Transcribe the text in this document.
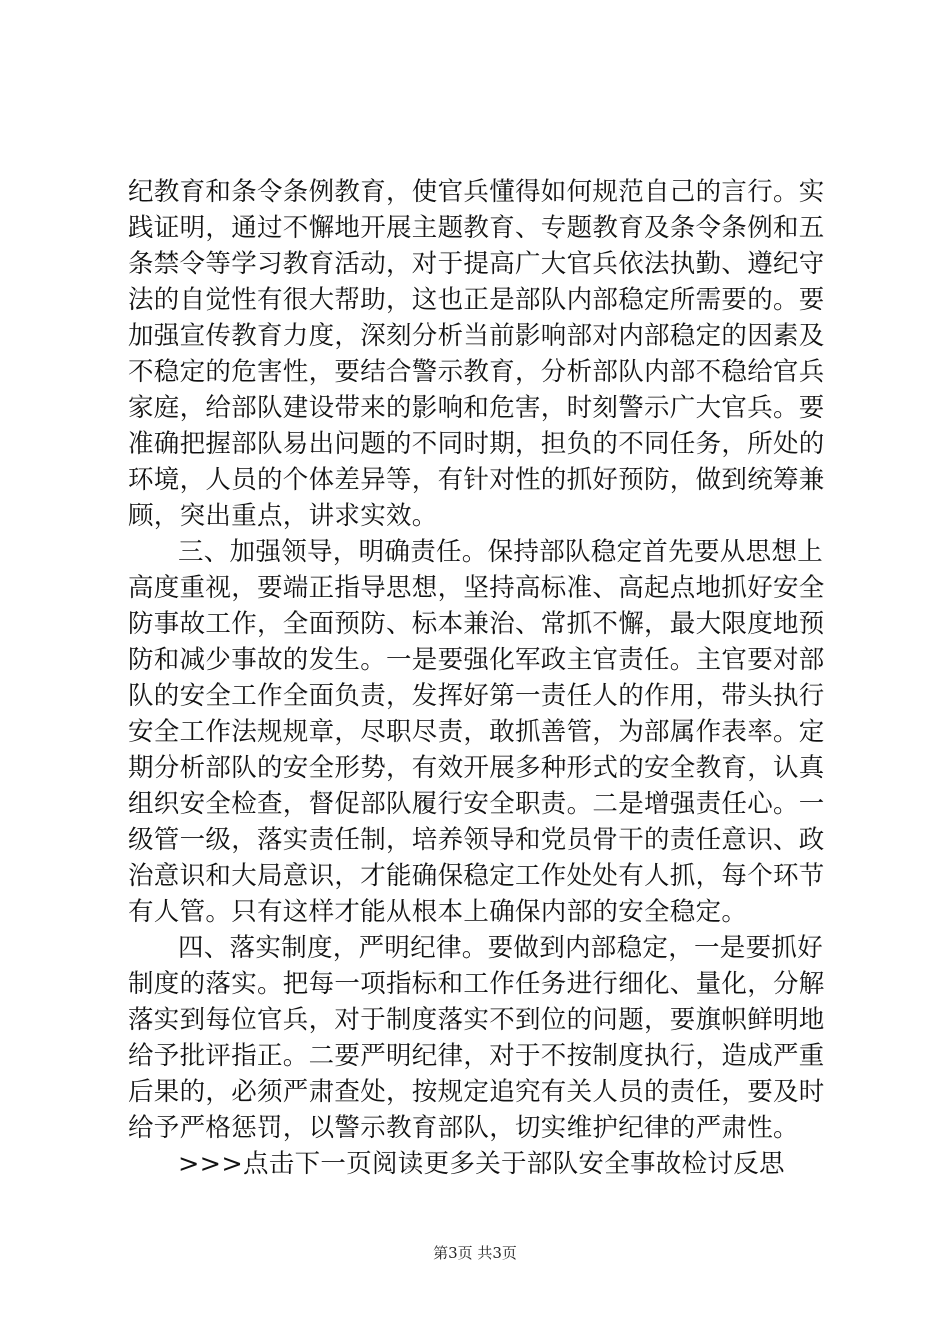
纪教育和条令条例教育，使官兵懂得如何规范自己的言行。实
践证明，通过不懈地开展主题教育、专题教育及条令条例和五
条禁令等学习教育活动，对于提高广大官兵依法执勤、遵纪守
法的自觉性有很大帮助，这也正是部队内部稳定所需要的。要
加强宣传教育力度，深刻分析当前影响部对内部稳定的因素及
不稳定的危害性，要结合警示教育，分析部队内部不稳给官兵
家庭，给部队建设带来的影响和危害，时刻警示广大官兵。要
准确把握部队易出问题的不同时期，担负的不同任务，所处的
环境，人员的个体差异等，有针对性的抓好预防，做到统筹兼
顾，突出重点，讲求实效。
三、加强领导，明确责任。保持部队稳定首先要从思想上
高度重视，要端正指导思想，坚持高标准、高起点地抓好安全
防事故工作，全面预防、标本兼治、常抓不懈，最大限度地预
防和减少事故的发生。一是要强化军政主官责任。主官要对部
队的安全工作全面负责，发挥好第一责任人的作用，带头执行
安全工作法规规章，尽职尽责，敢抓善管，为部属作表率。定
期分析部队的安全形势，有效开展多种形式的安全教育，认真
组织安全检查，督促部队履行安全职责。二是增强责任心。一
级管一级，落实责任制，培养领导和党员骨干的责任意识、政
治意识和大局意识，才能确保稳定工作处处有人抓，每个环节
有人管。只有这样才能从根本上确保内部的安全稳定。
四、落实制度，严明纪律。要做到内部稳定，一是要抓好
制度的落实。把每一项指标和工作任务进行细化、量化，分解
落实到每位官兵，对于制度落实不到位的问题，要旗帜鲜明地
给予批评指正。二要严明纪律，对于不按制度执行，造成严重
后果的，必须严肃查处，按规定追究有关人员的责任，要及时
给予严格惩罚，以警示教育部队，切实维护纪律的严肃性。
>>>点击下一页阅读更多关于部队安全事故检讨反思
第3页 共3页
